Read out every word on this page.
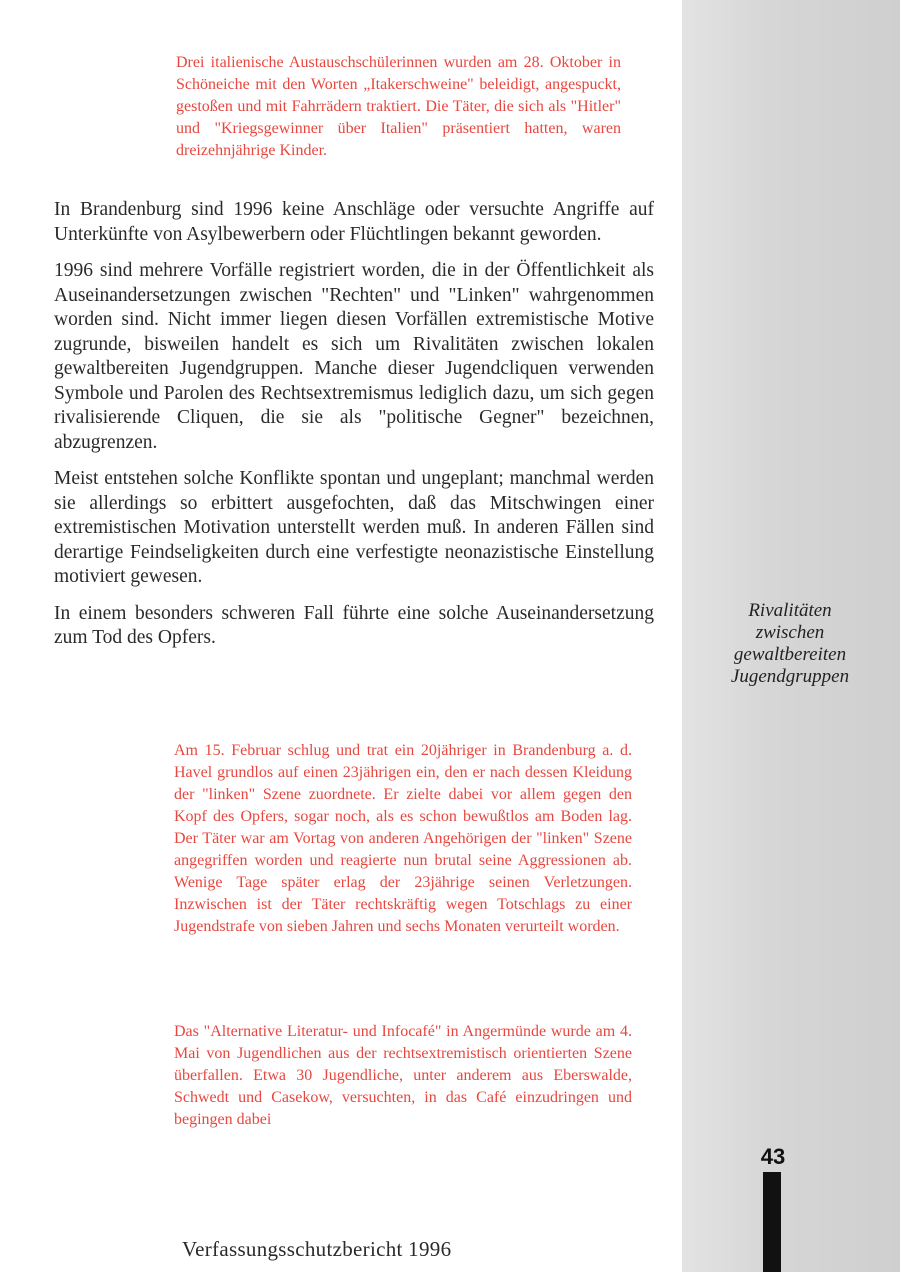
Drei italienische Austauschschülerinnen wurden am 28. Oktober in Schöneiche mit den Worten „Itakerschweine" beleidigt, angespuckt, gestoßen und mit Fahrrädern traktiert. Die Täter, die sich als "Hitler" und "Kriegsgewinner über Italien" präsentiert hatten, waren dreizehnjährige Kinder.

In Brandenburg sind 1996 keine Anschläge oder versuchte Angriffe auf Unterkünfte von Asylbewerbern oder Flüchtlingen bekannt geworden.

1996 sind mehrere Vorfälle registriert worden, die in der Öffentlichkeit als Auseinandersetzungen zwischen "Rechten" und "Linken" wahrgenommen worden sind. Nicht immer liegen diesen Vorfällen extremistische Motive zugrunde, bisweilen handelt es sich um Rivalitäten zwischen lokalen gewaltbereiten Jugendgruppen. Manche dieser Jugendcliquen verwenden Symbole und Parolen des Rechtsextremismus lediglich dazu, um sich gegen rivalisierende Cliquen, die sie als "politische Gegner" bezeichnen, abzugrenzen.

Meist entstehen solche Konflikte spontan und ungeplant; manchmal werden sie allerdings so erbittert ausgefochten, daß das Mitschwingen einer extremistischen Motivation unterstellt werden muß. In anderen Fällen sind derartige Feindseligkeiten durch eine verfestigte neonazistische Einstellung motiviert gewesen.

In einem besonders schweren Fall führte eine solche Auseinandersetzung zum Tod des Opfers.

Rivalitäten
zwischen
gewaltbereiten
Jugendgruppen

Am 15. Februar schlug und trat ein 20jähriger in Brandenburg a. d. Havel grundlos auf einen 23jährigen ein, den er nach dessen Kleidung der "linken" Szene zuordnete. Er zielte dabei vor allem gegen den Kopf des Opfers, sogar noch, als es schon bewußtlos am Boden lag. Der Täter war am Vortag von anderen Angehörigen der "linken" Szene angegriffen worden und reagierte nun brutal seine Aggressionen ab. Wenige Tage später erlag der 23jährige seinen Verletzungen. Inzwischen ist der Täter rechtskräftig wegen Totschlags zu einer Jugendstrafe von sieben Jahren und sechs Monaten verurteilt worden.

Das "Alternative Literatur- und Infocafé" in Angermünde wurde am 4. Mai von Jugendlichen aus der rechtsextremistisch orientierten Szene überfallen. Etwa 30 Jugendliche, unter anderem aus Eberswalde, Schwedt und Casekow, versuchten, in das Café einzudringen und begingen dabei

43
Verfassungsschutzbericht 1996
